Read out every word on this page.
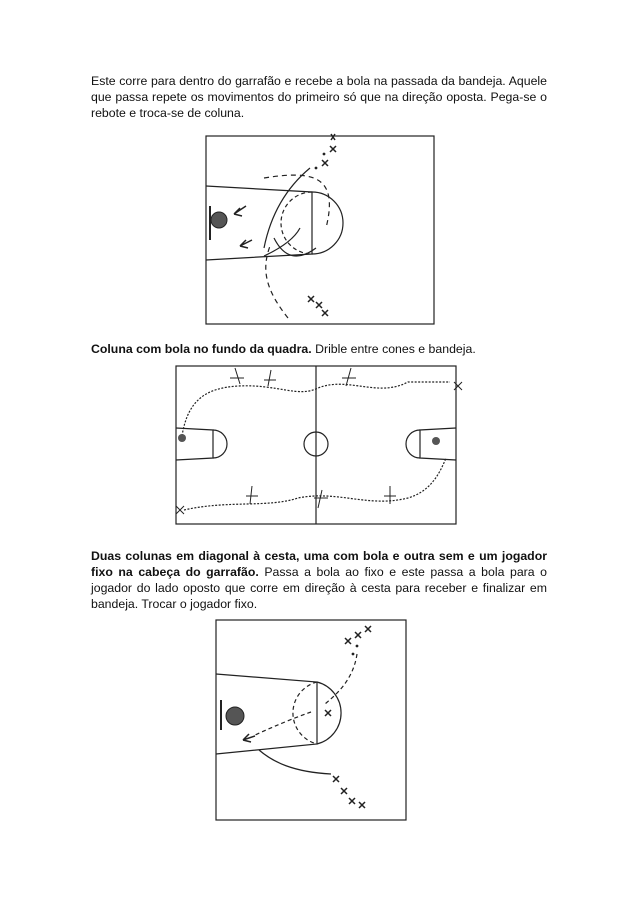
Este corre para dentro do garrafão e recebe a bola na passada da bandeja. Aquele que passa repete os movimentos do primeiro só que na direção oposta. Pega-se o rebote e troca-se de coluna.

Coluna com bola no fundo da quadra. Drible entre cones e bandeja.

Duas colunas em diagonal à cesta, uma com bola e outra sem e um jogador fixo na cabeça do garrafão. Passa a bola ao fixo e este passa a bola para o jogador do lado oposto que corre em direção à cesta para receber e finalizar em bandeja. Trocar o jogador fixo.
